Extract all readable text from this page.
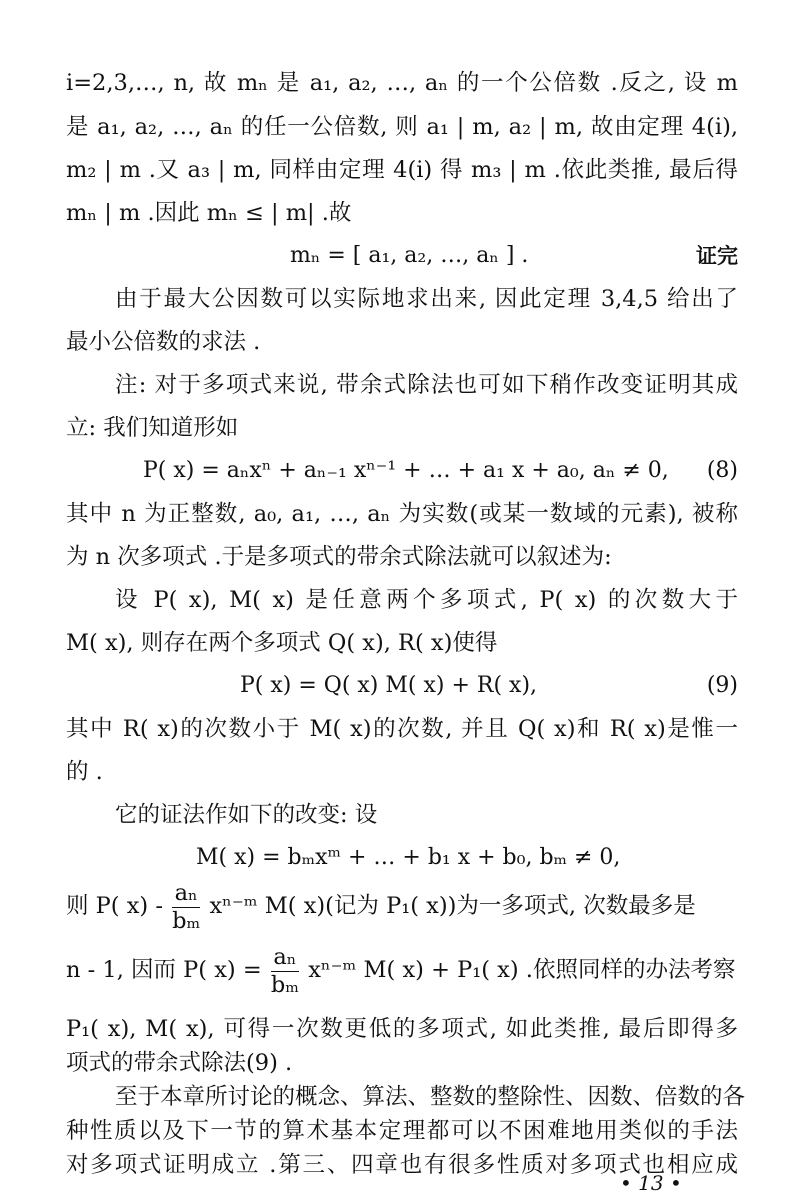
i=2,3,…, n, 故 mₙ 是 a₁, a₂, …, aₙ 的一个公倍数 .反之, 设 m
是 a₁, a₂, …, aₙ 的任一公倍数, 则 a₁ | m, a₂ | m, 故由定理 4(i),
m₂ | m .又 a₃ | m, 同样由定理 4(i) 得 m₃ | m .依此类推, 最后得
mₙ | m .因此 mₙ ≤ | m| .故
mₙ = [ a₁, a₂, …, aₙ ] .	证完
由于最大公因数可以实际地求出来, 因此定理 3,4,5 给出了
最小公倍数的求法 .
注: 对于多项式来说, 带余式除法也可如下稍作改变证明其成
立: 我们知道形如
P( x) = aₙxⁿ + aₙ₋₁ xⁿ⁻¹ + … + a₁ x + a₀, aₙ ≠ 0, (8)
其中 n 为正整数, a₀, a₁, …, aₙ 为实数(或某一数域的元素), 被称
为 n 次多项式 .于是多项式的带余式除法就可以叙述为:
设 P( x), M( x) 是任意两个多项式, P( x) 的次数大于
M( x), 则存在两个多项式 Q( x), R( x)使得
P( x) = Q( x) M( x) + R( x),	(9)
其中 R( x)的次数小于 M( x)的次数, 并且 Q( x)和 R( x)是惟一
的 .
它的证法作如下的改变: 设
M( x) = bₘxᵐ + … + b₁ x + b₀, bₘ ≠ 0,
则 P( $x) - \frac{\text{aₙ}}{\text{bₘ}}$ xⁿ⁻ᵐ M( x)(记为 P₁( x))为一多项式, 次数最多是
n - 1, 因而 P( $x) = \frac{\text{aₙ}}{\text{bₘ}}$ xⁿ⁻ᵐ M( x) + P₁( x) .依照同样的办法考察
P₁( x), M( x), 可得一次数更低的多项式, 如此类推, 最后即得多
项式的带余式除法(9) .
• 13 •
至于本章所讨论的概念、算法、整数的整除性、因数、倍数的各
种性质以及下一节的算术基本定理都可以不困难地用类似的手法
对多项式证明成立 .第三、四章也有很多性质对多项式也相应成
